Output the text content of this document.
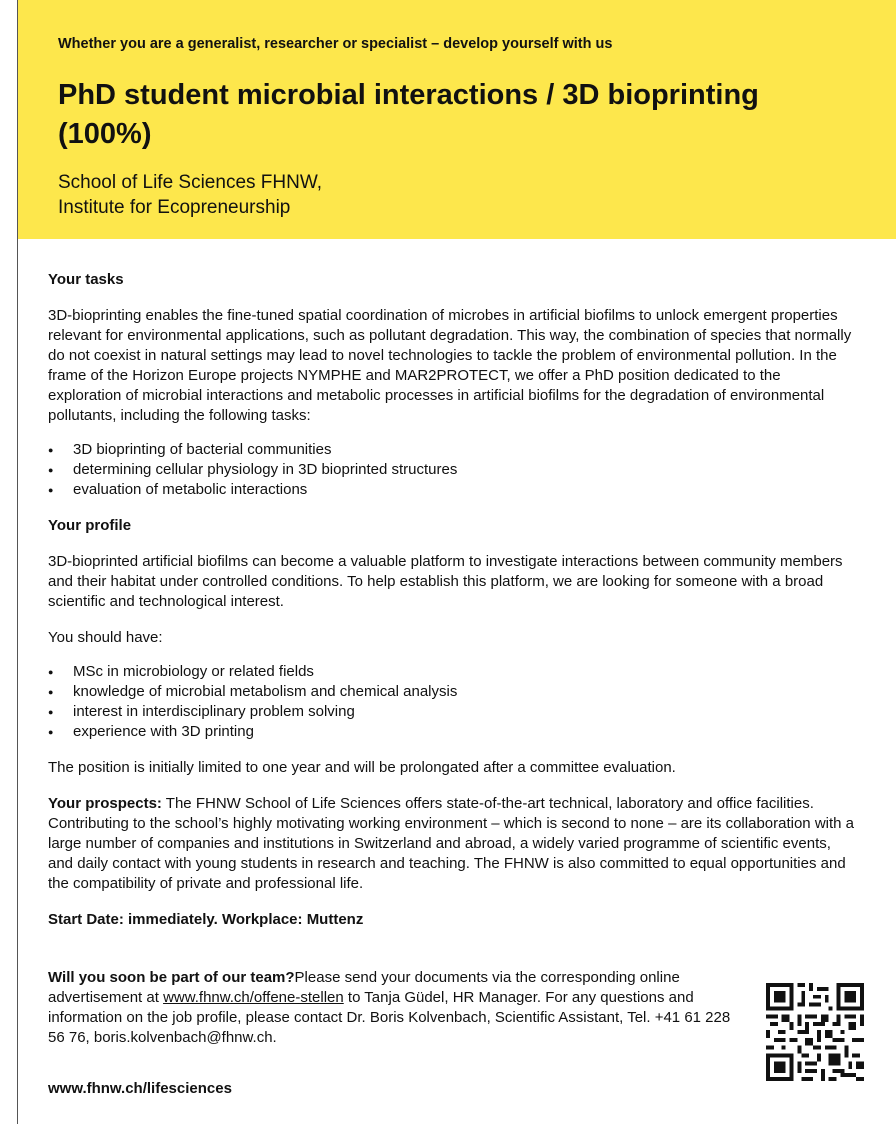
Whether you are a generalist, researcher or specialist – develop yourself with us
PhD student microbial interactions / 3D bioprinting (100%)
School of Life Sciences FHNW,
Institute for Ecopreneurship
Your tasks

3D-bioprinting enables the fine-tuned spatial coordination of microbes in artificial biofilms to unlock emergent properties relevant for environmental applications, such as pollutant degradation. This way, the combination of species that normally do not coexist in natural settings may lead to novel technologies to tackle the problem of environmental pollution. In the frame of the Horizon Europe projects NYMPHE and MAR2PROTECT, we offer a PhD position dedicated to the exploration of microbial interactions and metabolic processes in artificial biofilms for the degradation of environmental pollutants, including the following tasks:

● 3D bioprinting of bacterial communities
● determining cellular physiology in 3D bioprinted structures
● evaluation of metabolic interactions
Your profile

3D-bioprinted artificial biofilms can become a valuable platform to investigate interactions between community members and their habitat under controlled conditions. To help establish this platform, we are looking for someone with a broad scientific and technological interest.

You should have:

● MSc in microbiology or related fields
● knowledge of microbial metabolism and chemical analysis
● interest in interdisciplinary problem solving
● experience with 3D printing

The position is initially limited to one year and will be prolongated after a committee evaluation.

Your prospects: The FHNW School of Life Sciences offers state-of-the-art technical, laboratory and office facilities. Contributing to the school’s highly motivating working environment – which is second to none – are its collaboration with a large number of companies and institutions in Switzerland and abroad, a widely varied programme of scientific events, and daily contact with young students in research and teaching. The FHNW is also committed to equal opportunities and the compatibility of private and professional life.

Start Date: immediately. Workplace: Muttenz

Will you soon be part of our team?Please send your documents via the corresponding online advertisement at www.fhnw.ch/offene-stellen to Tanja Güdel, HR Manager. For any questions and information on the job profile, please contact Dr. Boris Kolvenbach, Scientific Assistant, Tel. +41 61 228 56 76, boris.kolvenbach@fhnw.ch.
www.fhnw.ch/lifesciences
